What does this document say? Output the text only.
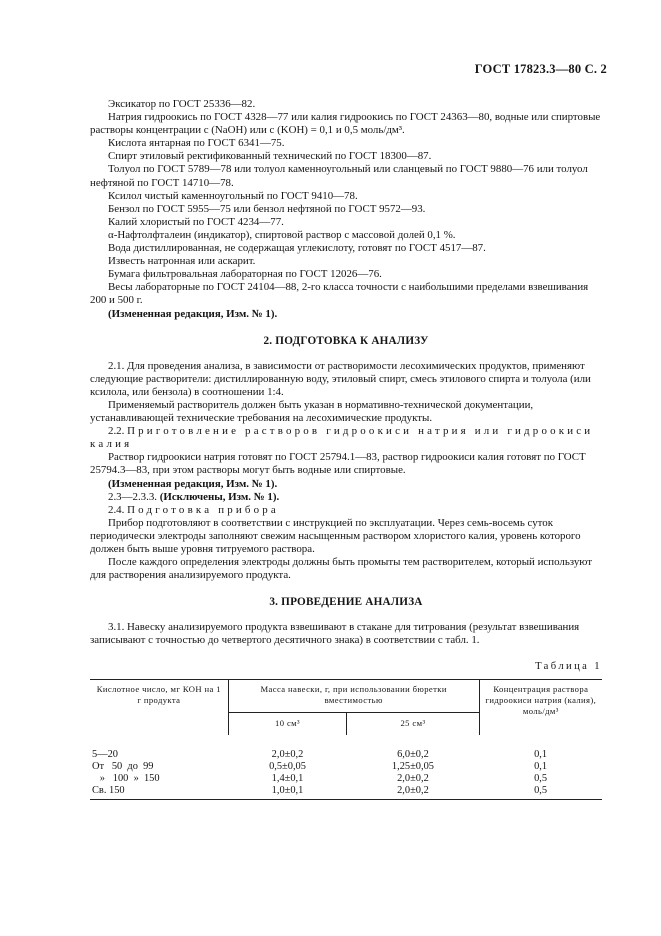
ГОСТ 17823.3—80 С. 2

Эксикатор по ГОСТ 25336—82.

Натрия гидроокись по ГОСТ 4328—77 или калия гидроокись по ГОСТ 24363—80, водные или спиртовые растворы концентрации c (NaOH) или c (KOH) = 0,1 и 0,5 моль/дм³.

Кислота янтарная по ГОСТ 6341—75.

Спирт этиловый ректификованный технический по ГОСТ 18300—87.

Толуол по ГОСТ 5789—78 или толуол каменноугольный или сланцевый по ГОСТ 9880—76 или толуол нефтяной по ГОСТ 14710—78.

Ксилол чистый каменноугольный по ГОСТ 9410—78.

Бензол по ГОСТ 5955—75 или бензол нефтяной по ГОСТ 9572—93.

Калий хлористый по ГОСТ 4234—77.

α-Нафтолфталеин (индикатор), спиртовой раствор с массовой долей 0,1 %.

Вода дистиллированная, не содержащая углекислоту, готовят по ГОСТ 4517—87.

Известь натронная или аскарит.

Бумага фильтровальная лабораторная по ГОСТ 12026—76.

Весы лабораторные по ГОСТ 24104—88, 2-го класса точности с наибольшими пределами взвешивания 200 и 500 г.

(Измененная редакция, Изм. № 1).

2. ПОДГОТОВКА К АНАЛИЗУ

2.1. Для проведения анализа, в зависимости от растворимости лесохимических продуктов, применяют следующие растворители: дистиллированную воду, этиловый спирт, смесь этилового спирта и толуола (или ксилола, или бензола) в соотношении 1:4.

Применяемый растворитель должен быть указан в нормативно-технической документации, устанавливающей технические требования на лесохимические продукты.

2.2. Приготовление растворов гидроокиси натрия или гидроокиси калия

Раствор гидроокиси натрия готовят по ГОСТ 25794.1—83, раствор гидроокиси калия готовят по ГОСТ 25794.3—83, при этом растворы могут быть водные или спиртовые.

(Измененная редакция, Изм. № 1).

2.3—2.3.3. (Исключены, Изм. № 1).

2.4. Подготовка прибора

Прибор подготовляют в соответствии с инструкцией по эксплуатации. Через семь-восемь суток периодически электроды заполняют свежим насыщенным раствором хлористого калия, уровень которого должен быть выше уровня титруемого раствора.

После каждого определения электроды должны быть промыты тем растворителем, который используют для растворения анализируемого продукта.

3. ПРОВЕДЕНИЕ АНАЛИЗА

3.1. Навеску анализируемого продукта взвешивают в стакане для титрования (результат взвешивания записывают с точностью до четвертого десятичного знака) в соответствии с табл. 1.

Таблица 1
Кислотное число, мг КОН на 1 г продукта	Масса навески, г, при использовании бюретки вместимостью		Концентрация раствора гидроокиси натрия (калия), моль/дм³
	10 см³	25 см³	
5—20	2,0±0,2	6,0±0,2	0,1
От   50  до  99	0,5±0,05	1,25±0,05	0,1
»   100  »  150	1,4±0,1	2,0±0,2	0,5
Св. 150	1,0±0,1	2,0±0,2	0,5
